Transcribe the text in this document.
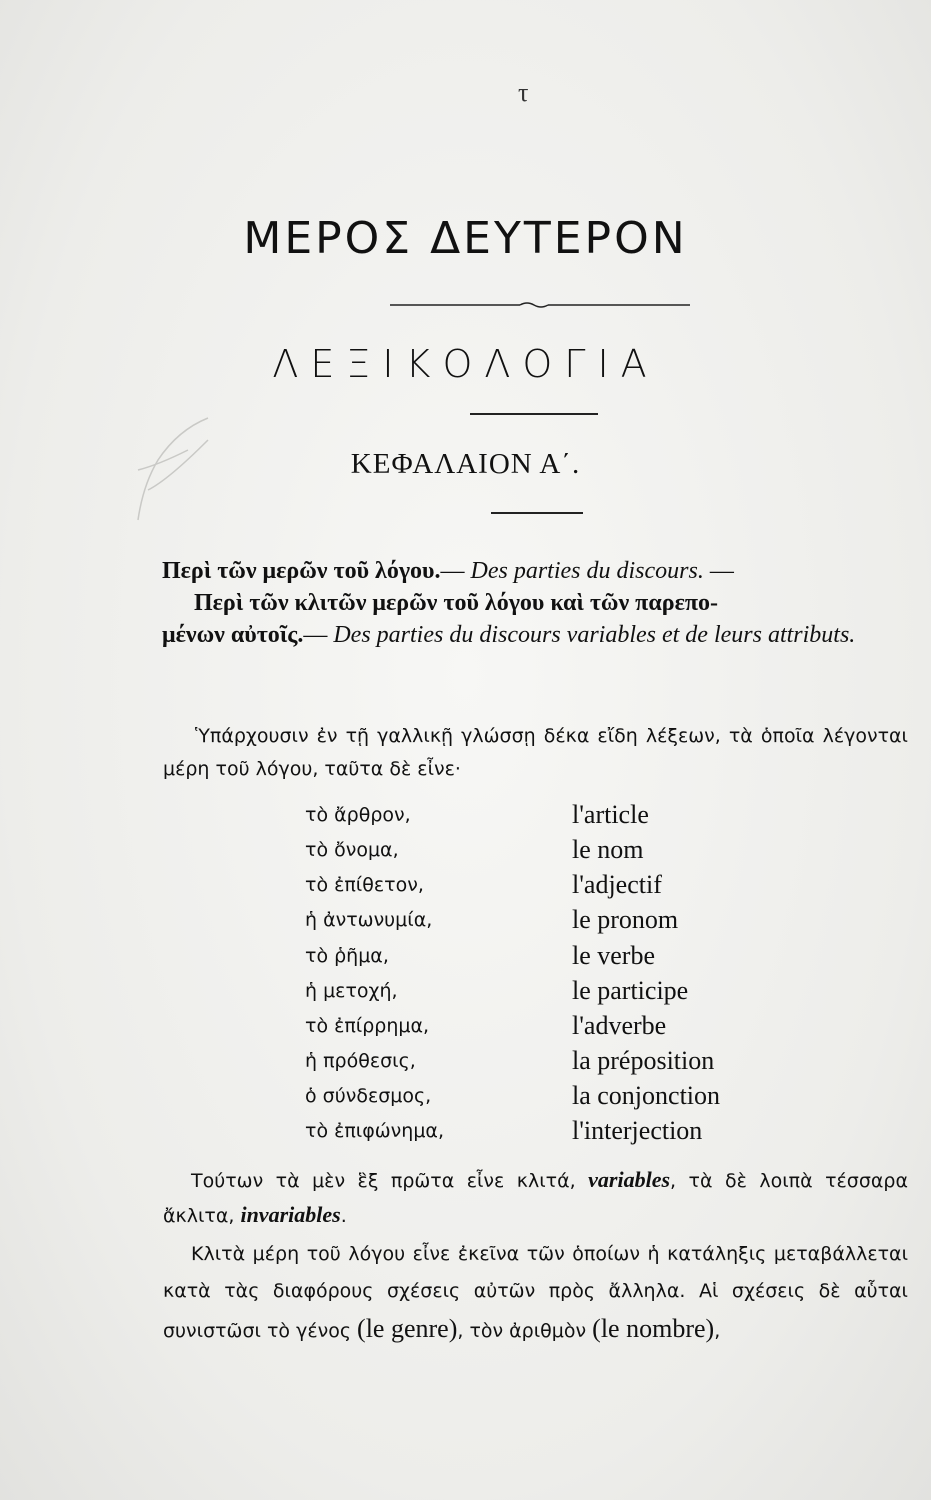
τ
ΜΕΡΟΣ ΔΕΥΤΕΡΟΝ
ΛΕΞΙΚΟΛΟΓΙΑ
ΚΕΦΑΛΑΙΟΝ Α΄.
Περὶ τῶν μερῶν τοῦ λόγου.— Des parties du discours. —
Περὶ τῶν κλιτῶν μερῶν τοῦ λόγου καὶ τῶν παρεπο-
μένων αὐτοῖς.— Des parties du discours variables et de leurs attributs.
Ὑπάρχουσιν ἐν τῇ γαλλικῇ γλώσσῃ δέκα εἴδη λέξεων, τὰ ὁποῖα λέγονται μέρη τοῦ λόγου, ταῦτα δὲ εἶνε·
τὸ ἄρθρον,	l'article
τὸ ὄνομα,	le nom
τὸ ἐπίθετον,	l'adjectif
ἡ ἀντωνυμία,	le pronom
τὸ ῥῆμα,	le verbe
ἡ μετοχή,	le participe
τὸ ἐπίρρημα,	l'adverbe
ἡ πρόθεσις,	la préposition
ὁ σύνδεσμος,	la conjonction
τὸ ἐπιφώνημα,	l'interjection
Τούτων τὰ μὲν ἓξ πρῶτα εἶνε κλιτά, variables, τὰ δὲ λοιπὰ τέσσαρα ἄκλιτα, invariables.
Κλιτὰ μέρη τοῦ λόγου εἶνε ἐκεῖνα τῶν ὁποίων ἡ κατάληξις μεταβάλλεται κατὰ τὰς διαφόρους σχέσεις αὐτῶν πρὸς ἄλληλα. Αἱ σχέσεις δὲ αὗται συνιστῶσι τὸ γένος (le genre), τὸν ἀριθμὸν (le nombre),
